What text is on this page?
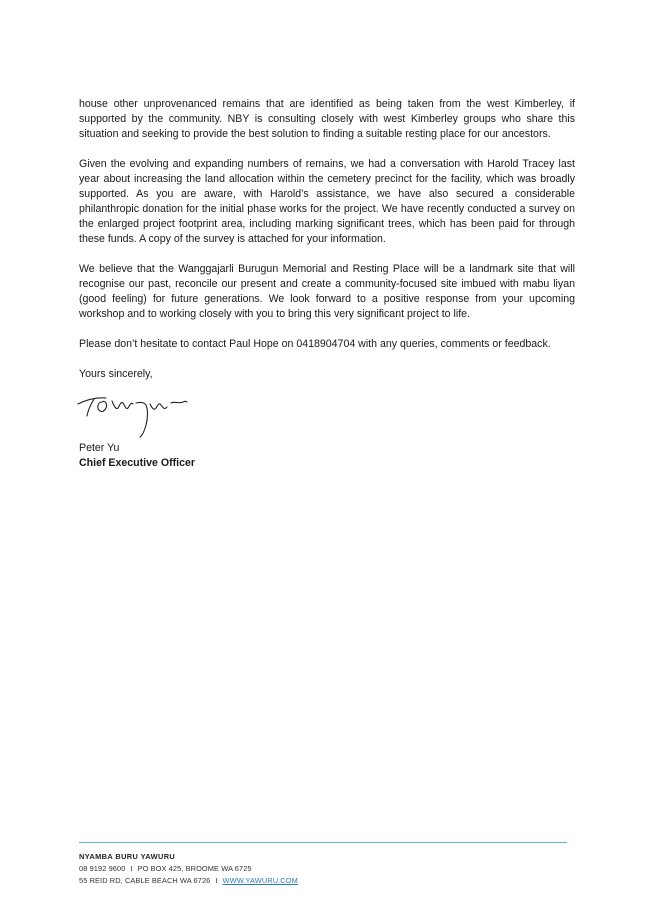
house other unprovenanced remains that are identified as being taken from the west Kimberley, if supported by the community. NBY is consulting closely with west Kimberley groups who share this situation and seeking to provide the best solution to finding a suitable resting place for our ancestors.

Given the evolving and expanding numbers of remains, we had a conversation with Harold Tracey last year about increasing the land allocation within the cemetery precinct for the facility, which was broadly supported. As you are aware, with Harold’s assistance, we have also secured a considerable philanthropic donation for the initial phase works for the project. We have recently conducted a survey on the enlarged project footprint area, including marking significant trees, which has been paid for through these funds. A copy of the survey is attached for your information.

We believe that the Wanggajarli Burugun Memorial and Resting Place will be a landmark site that will recognise our past, reconcile our present and create a community-focused site imbued with mabu liyan (good feeling) for future generations. We look forward to a positive response from your upcoming workshop and to working closely with you to bring this very significant project to life.

Please don’t hesitate to contact Paul Hope on 0418904704 with any queries, comments or feedback.

Yours sincerely,

Peter Yu
Chief Executive Officer
NYAMBA BURU YAWURU
08 9192 9600 I PO BOX 425, BROOME WA 6725
55 REID RD, CABLE BEACH WA 6726 I WWW.YAWURU.COM
